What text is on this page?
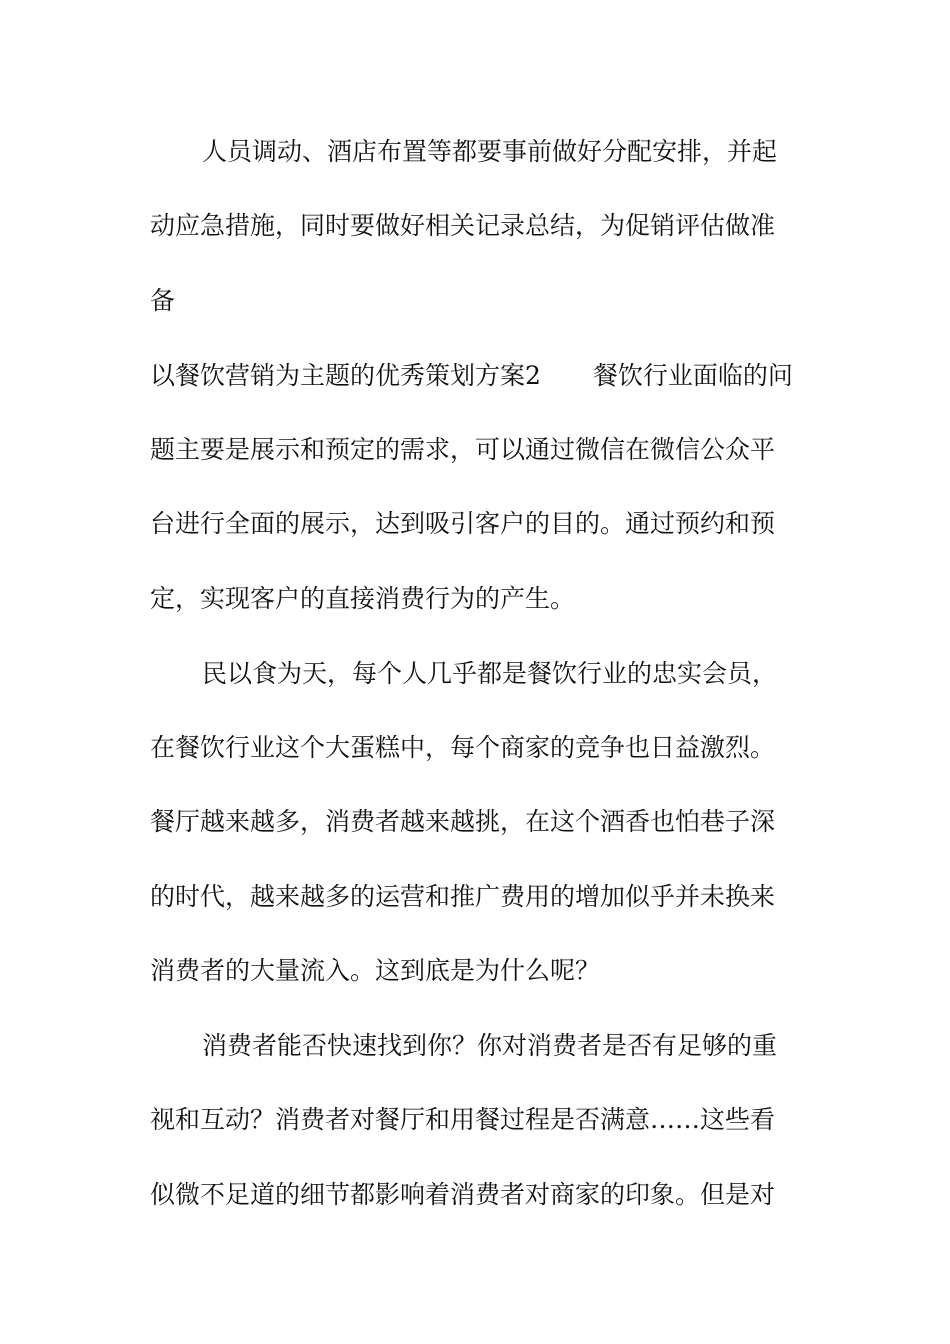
人员调动、酒店布置等都要事前做好分配安排，并起

动应急措施，同时要做好相关记录总结，为促销评估做准

备

以餐饮营销为主题的优秀策划方案2 餐饮行业面临的问

题主要是展示和预定的需求，可以通过微信在微信公众平

台进行全面的展示，达到吸引客户的目的。通过预约和预

定，实现客户的直接消费行为的产生。

民以食为天，每个人几乎都是餐饮行业的忠实会员，

在餐饮行业这个大蛋糕中，每个商家的竞争也日益激烈。

餐厅越来越多，消费者越来越挑，在这个酒香也怕巷子深

的时代，越来越多的运营和推广费用的增加似乎并未换来

消费者的大量流入。这到底是为什么呢？

消费者能否快速找到你？你对消费者是否有足够的重

视和互动？消费者对餐厅和用餐过程是否满意……这些看

似微不足道的细节都影响着消费者对商家的印象。但是对
